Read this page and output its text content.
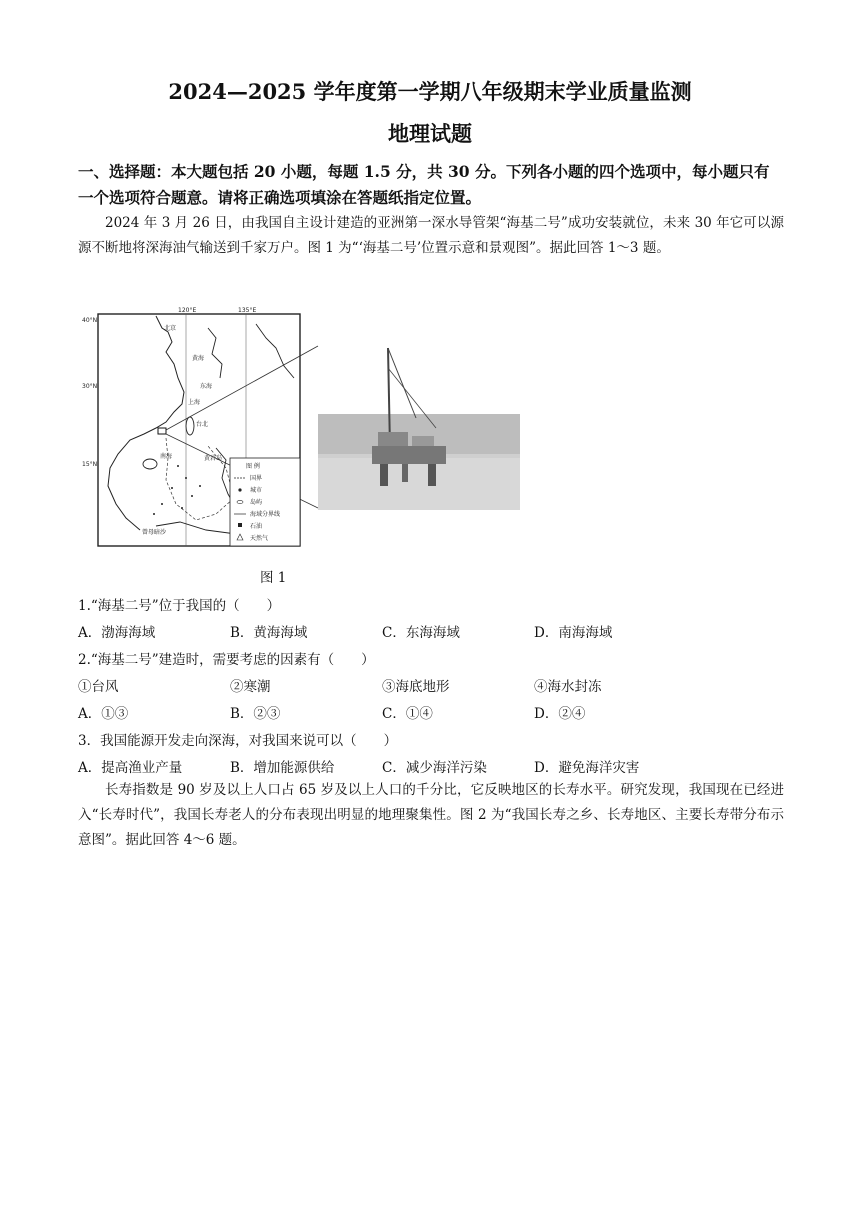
2024—2025 学年度第一学期八年级期末学业质量监测
地理试题
一、选择题：本大题包括 20 小题，每题 1.5 分，共 30 分。下列各小题的四个选项中，每小题只有一个选项符合题意。请将正确选项填涂在答题纸指定位置。
2024 年 3 月 26 日，由我国自主设计建造的亚洲第一深水导管架“海基二号”成功安装就位，未来 30 年它可以源源不断地将深海油气输送到千家万户。图 1 为“‘海基二号’位置示意和景观图”。据此回答 1～3 题。
120°E	135°E
40°N
30°N
15°N
北京
黄海
东海
上海
台北
南海	黄岩岛
曾母暗沙
图 例
国界
城市
岛屿
海域分界线
石油
天然气
图 1
1.“海基二号”位于我国的（　　）
A．渤海海域	B．黄海海域	C．东海海域	D．南海海域
2.“海基二号”建造时，需要考虑的因素有（　　）
①台风	②寒潮	③海底地形	④海水封冻
A．①③	B．②③	C．①④	D．②④
3．我国能源开发走向深海，对我国来说可以（　　）
A．提高渔业产量	B．增加能源供给	C．减少海洋污染	D．避免海洋灾害
长寿指数是 90 岁及以上人口占 65 岁及以上人口的千分比，它反映地区的长寿水平。研究发现，我国现在已经进入“长寿时代”，我国长寿老人的分布表现出明显的地理聚集性。图 2 为“我国长寿之乡、长寿地区、主要长寿带分布示意图”。据此回答 4～6 题。
